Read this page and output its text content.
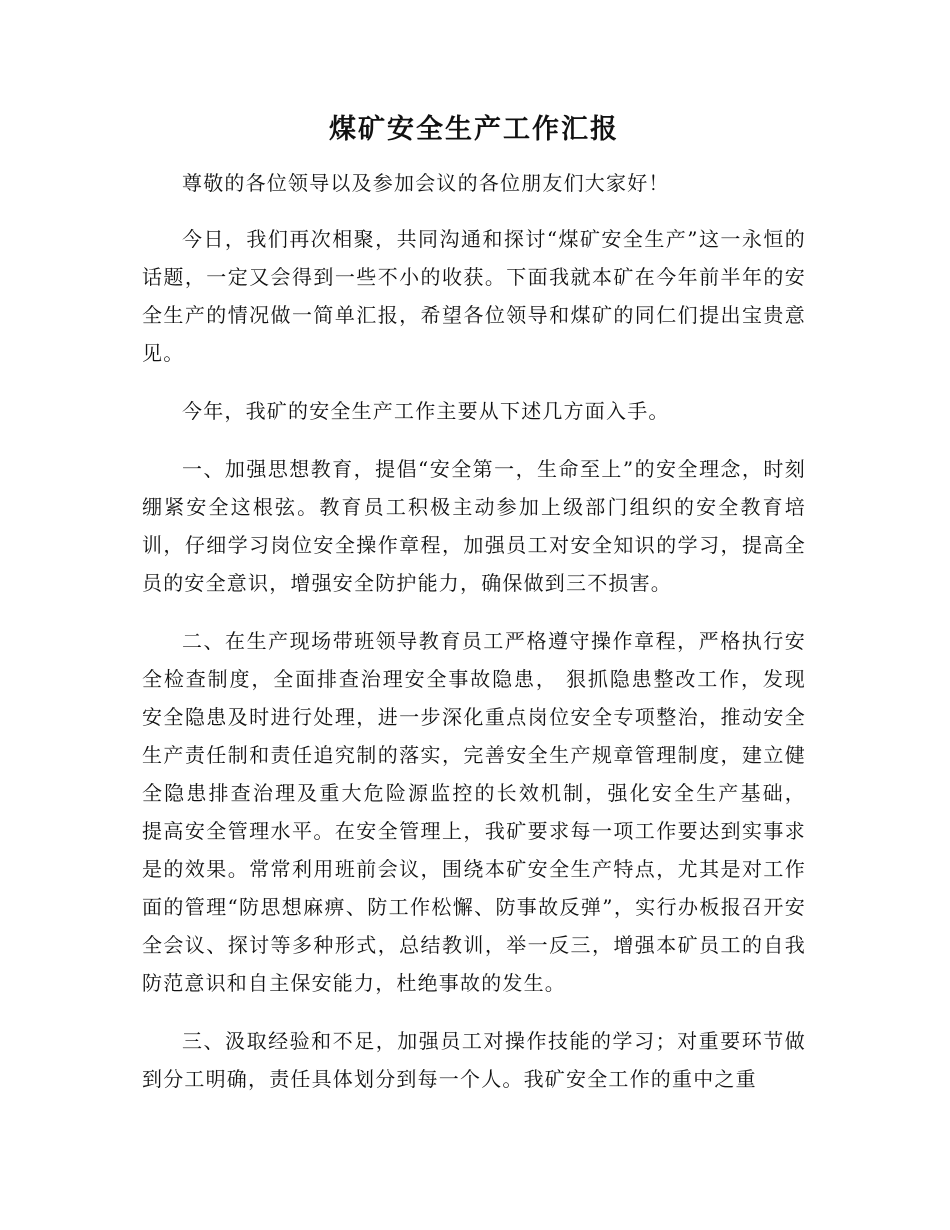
煤矿安全生产工作汇报

尊敬的各位领导以及参加会议的各位朋友们大家好！

今日，我们再次相聚，共同沟通和探讨“煤矿安全生产”这一永恒的话题，一定又会得到一些不小的收获。下面我就本矿在今年前半年的安全生产的情况做一简单汇报，希望各位领导和煤矿的同仁们提出宝贵意见。

今年，我矿的安全生产工作主要从下述几方面入手。

一、加强思想教育，提倡“安全第一，生命至上”的安全理念，时刻绷紧安全这根弦。教育员工积极主动参加上级部门组织的安全教育培训，仔细学习岗位安全操作章程，加强员工对安全知识的学习，提高全员的安全意识，增强安全防护能力，确保做到三不损害。

二、在生产现场带班领导教育员工严格遵守操作章程，严格执行安全检查制度，全面排查治理安全事故隐患， 狠抓隐患整改工作，发现安全隐患及时进行处理，进一步深化重点岗位安全专项整治，推动安全生产责任制和责任追究制的落实，完善安全生产规章管理制度，建立健全隐患排查治理及重大危险源监控的长效机制，强化安全生产基础， 提高安全管理水平。在安全管理上，我矿要求每一项工作要达到实事求是的效果。常常利用班前会议，围绕本矿安全生产特点，尤其是对工作面的管理“防思想麻痹、防工作松懈、防事故反弹”，实行办板报召开安全会议、探讨等多种形式，总结教训，举一反三，增强本矿员工的自我防范意识和自主保安能力，杜绝事故的发生。

三、汲取经验和不足，加强员工对操作技能的学习；对重要环节做到分工明确，责任具体划分到每一个人。我矿安全工作的重中之重
